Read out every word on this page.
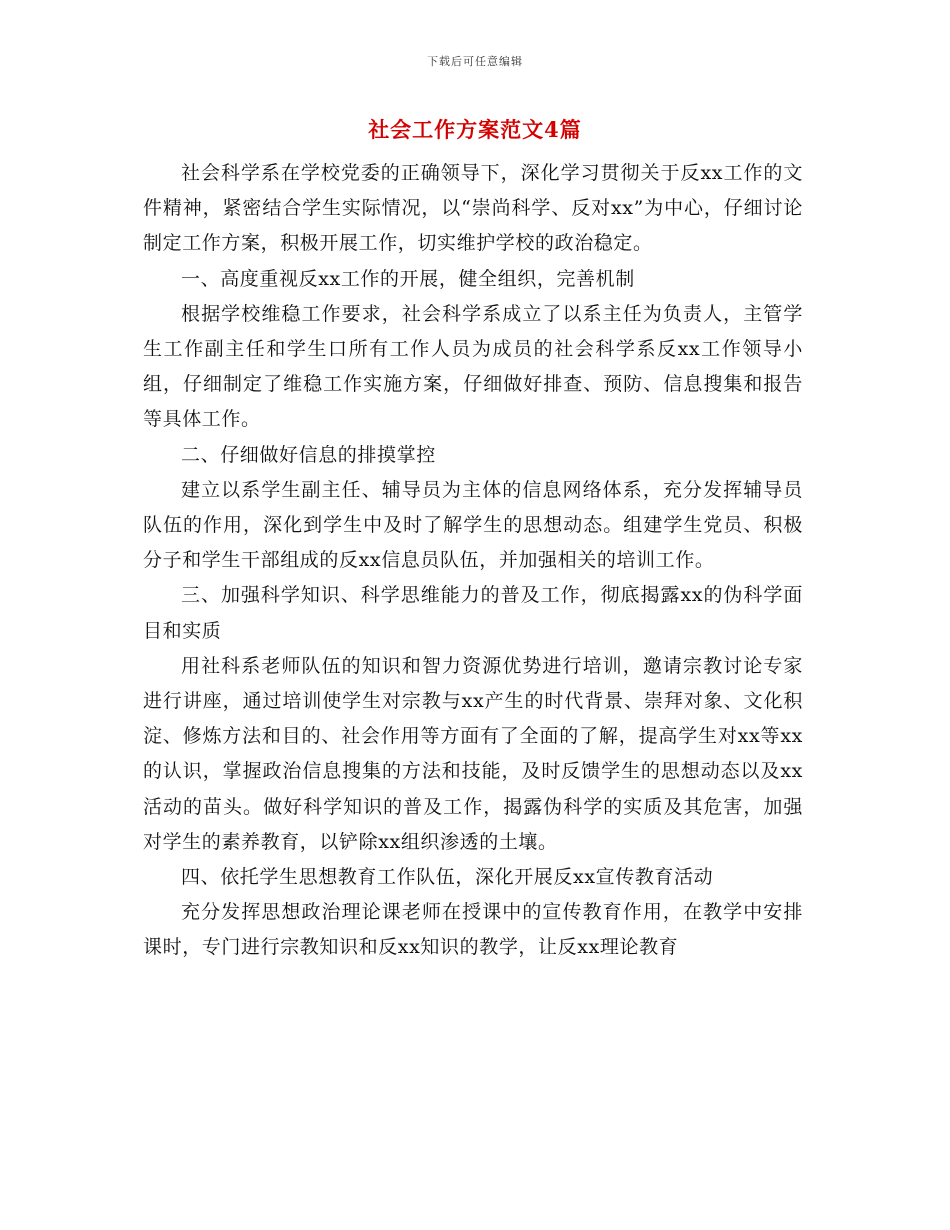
下载后可任意编辑
社会工作方案范文4篇

社会科学系在学校党委的正确领导下，深化学习贯彻关于反xx工作的文件精神，紧密结合学生实际情况，以“崇尚科学、反对xx”为中心，仔细讨论制定工作方案，积极开展工作，切实维护学校的政治稳定。

一、高度重视反xx工作的开展，健全组织，完善机制

根据学校维稳工作要求，社会科学系成立了以系主任为负责人，主管学生工作副主任和学生口所有工作人员为成员的社会科学系反xx工作领导小组，仔细制定了维稳工作实施方案，仔细做好排查、预防、信息搜集和报告等具体工作。

二、仔细做好信息的排摸掌控

建立以系学生副主任、辅导员为主体的信息网络体系，充分发挥辅导员队伍的作用，深化到学生中及时了解学生的思想动态。组建学生党员、积极分子和学生干部组成的反xx信息员队伍，并加强相关的培训工作。

三、加强科学知识、科学思维能力的普及工作，彻底揭露xx的伪科学面目和实质

用社科系老师队伍的知识和智力资源优势进行培训，邀请宗教讨论专家进行讲座，通过培训使学生对宗教与xx产生的时代背景、崇拜对象、文化积淀、修炼方法和目的、社会作用等方面有了全面的了解，提高学生对xx等xx的认识，掌握政治信息搜集的方法和技能，及时反馈学生的思想动态以及xx活动的苗头。做好科学知识的普及工作，揭露伪科学的实质及其危害，加强对学生的素养教育，以铲除xx组织渗透的土壤。

四、依托学生思想教育工作队伍，深化开展反xx宣传教育活动

充分发挥思想政治理论课老师在授课中的宣传教育作用，在教学中安排课时，专门进行宗教知识和反xx知识的教学，让反xx理论教育
